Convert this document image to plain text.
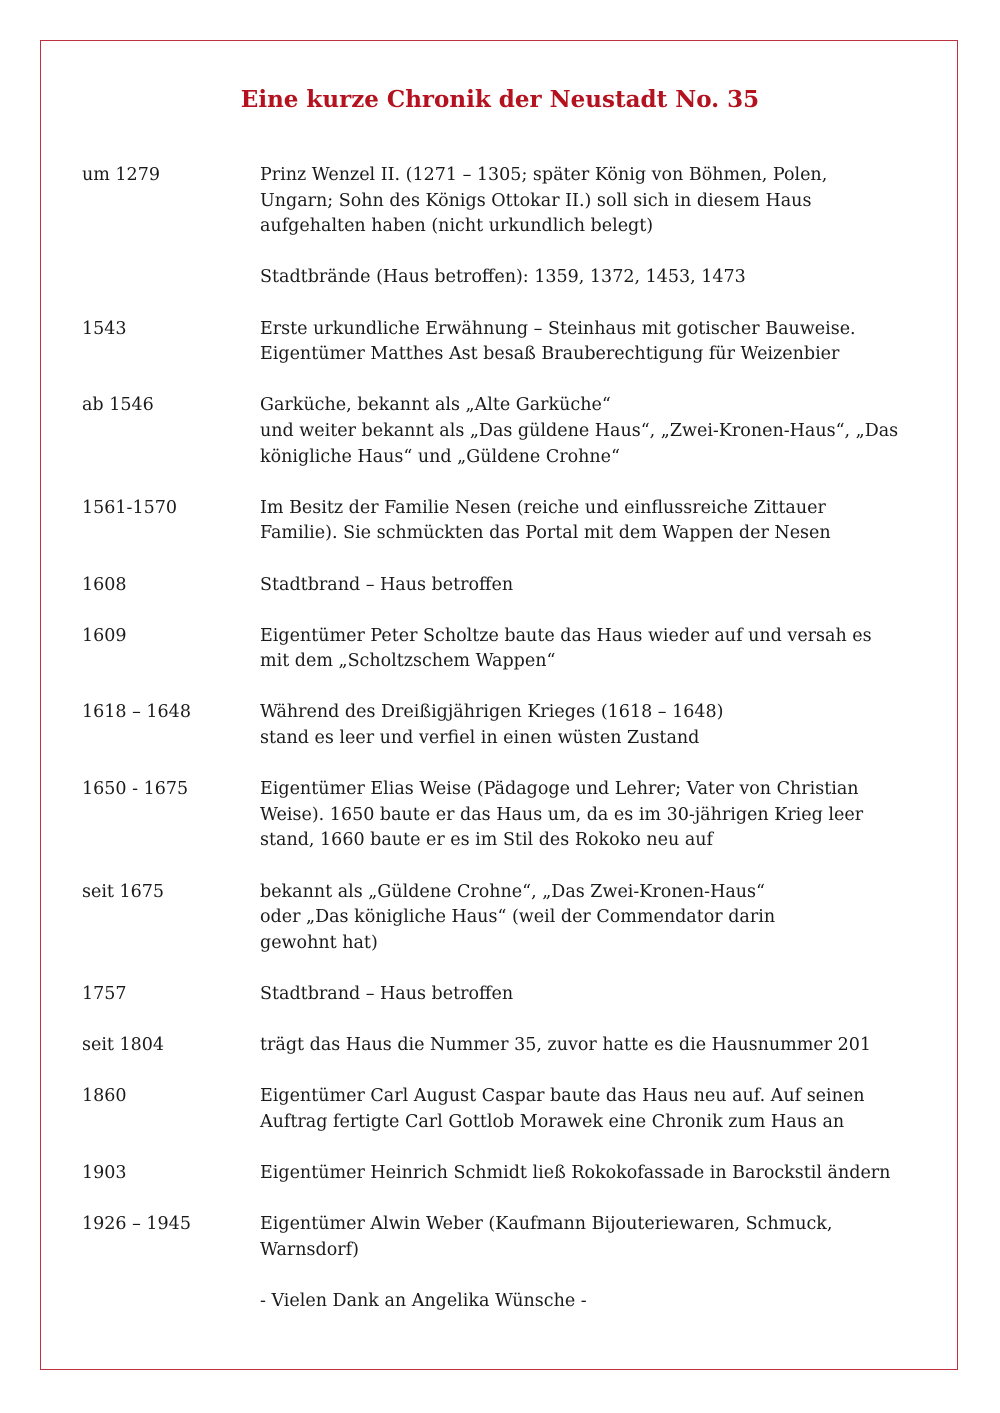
Eine kurze Chronik der Neustadt No. 35
um 1279	Prinz Wenzel II. (1271 – 1305; später König von Böhmen, Polen,
Ungarn; Sohn des Königs Ottokar II.) soll sich in diesem Haus
aufgehalten haben (nicht urkundlich belegt)
Stadtbrände (Haus betroffen): 1359, 1372, 1453, 1473
1543	Erste urkundliche Erwähnung – Steinhaus mit gotischer Bauweise.
Eigentümer Matthes Ast besaß Brauberechtigung für Weizenbier
ab 1546	Garküche, bekannt als „Alte Garküche“
und weiter bekannt als „Das güldene Haus“, „Zwei-Kronen-Haus“, „Das
königliche Haus“ und „Güldene Crohne“
1561-1570	Im Besitz der Familie Nesen (reiche und einflussreiche Zittauer
Familie). Sie schmückten das Portal mit dem Wappen der Nesen
1608	Stadtbrand – Haus betroffen
1609	Eigentümer Peter Scholtze baute das Haus wieder auf und versah es
mit dem „Scholtzschem Wappen“
1618 – 1648	Während des Dreißigjährigen Krieges (1618 – 1648)
stand es leer und verfiel in einen wüsten Zustand
1650 - 1675	Eigentümer Elias Weise (Pädagoge und Lehrer; Vater von Christian
Weise). 1650 baute er das Haus um, da es im 30-jährigen Krieg leer
stand, 1660 baute er es im Stil des Rokoko neu auf
seit 1675	bekannt als „Güldene Crohne“, „Das Zwei-Kronen-Haus“
oder „Das königliche Haus“ (weil der Commendator darin
gewohnt hat)
1757	Stadtbrand – Haus betroffen
seit 1804	trägt das Haus die Nummer 35, zuvor hatte es die Hausnummer 201
1860	Eigentümer Carl August Caspar baute das Haus neu auf. Auf seinen
Auftrag fertigte Carl Gottlob Morawek eine Chronik zum Haus an
1903	Eigentümer Heinrich Schmidt ließ Rokokofassade in Barockstil ändern
1926 – 1945	Eigentümer Alwin Weber (Kaufmann Bijouteriewaren, Schmuck,
Warnsdorf)
- Vielen Dank an Angelika Wünsche -
